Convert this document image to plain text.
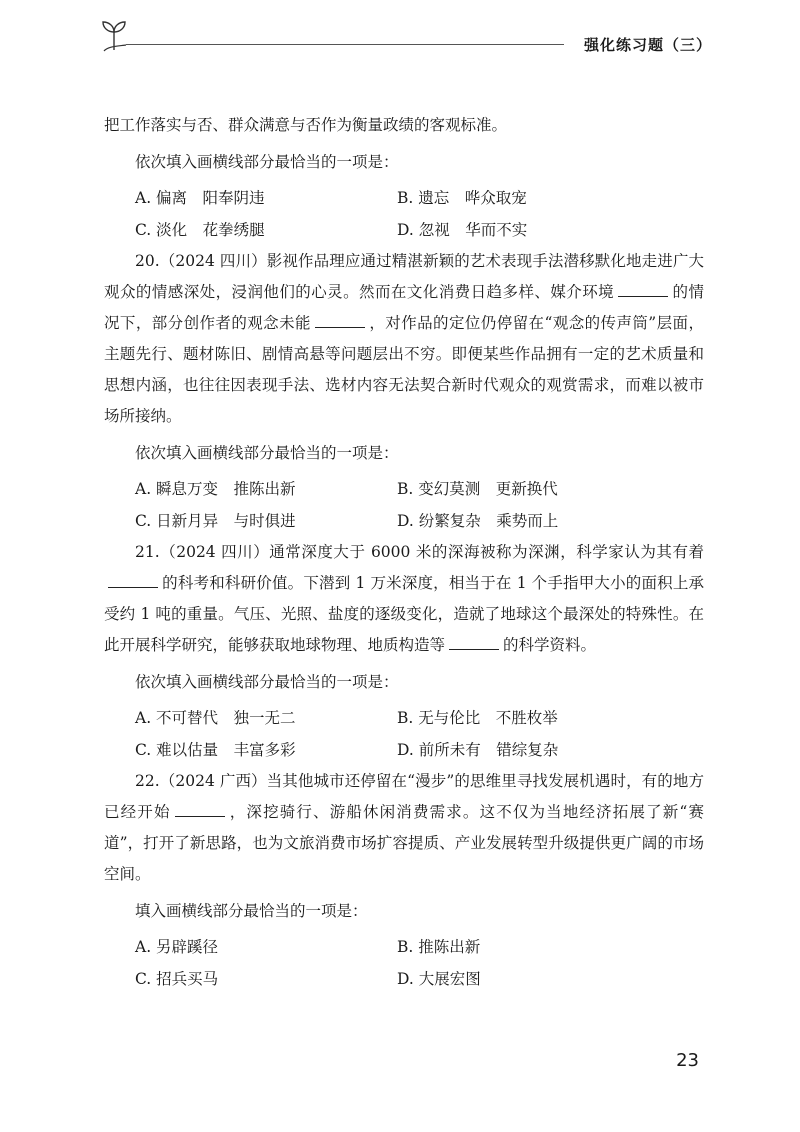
强化练习题（三）

把工作落实与否、群众满意与否作为衡量政绩的客观标准。

依次填入画横线部分最恰当的一项是：

A. 偏离　阳奉阴违	B. 遗忘　哗众取宠
C. 淡化　花拳绣腿	D. 忽视　华而不实

20.（2024 四川）影视作品理应通过精湛新颖的艺术表现手法潜移默化地走进广大观众的情感深处，浸润他们的心灵。然而在文化消费日趋多样、媒介环境	的情况下，部分创作者的观念未能	，对作品的定位仍停留在“观念的传声筒”层面，主题先行、题材陈旧、剧情高悬等问题层出不穷。即便某些作品拥有一定的艺术质量和思想内涵，也往往因表现手法、选材内容无法契合新时代观众的观赏需求，而难以被市场所接纳。

依次填入画横线部分最恰当的一项是：

A. 瞬息万变　推陈出新	B. 变幻莫测　更新换代
C. 日新月异　与时俱进	D. 纷繁复杂　乘势而上

21.（2024 四川）通常深度大于 6000 米的深海被称为深渊，科学家认为其有着的科考和科研价值。下潜到 1 万米深度，相当于在 1 个手指甲大小的面积上承受约 1 吨的重量。气压、光照、盐度的逐级变化，造就了地球这个最深处的特殊性。在此开展科学研究，能够获取地球物理、地质构造等	的科学资料。

依次填入画横线部分最恰当的一项是：

A. 不可替代　独一无二	B. 无与伦比　不胜枚举
C. 难以估量　丰富多彩	D. 前所未有　错综复杂

22.（2024 广西）当其他城市还停留在“漫步”的思维里寻找发展机遇时，有的地方已经开始	，深挖骑行、游船休闲消费需求。这不仅为当地经济拓展了新“赛道”，打开了新思路，也为文旅消费市场扩容提质、产业发展转型升级提供更广阔的市场空间。

填入画横线部分最恰当的一项是：

A. 另辟蹊径	B. 推陈出新
C. 招兵买马	D. 大展宏图
23
